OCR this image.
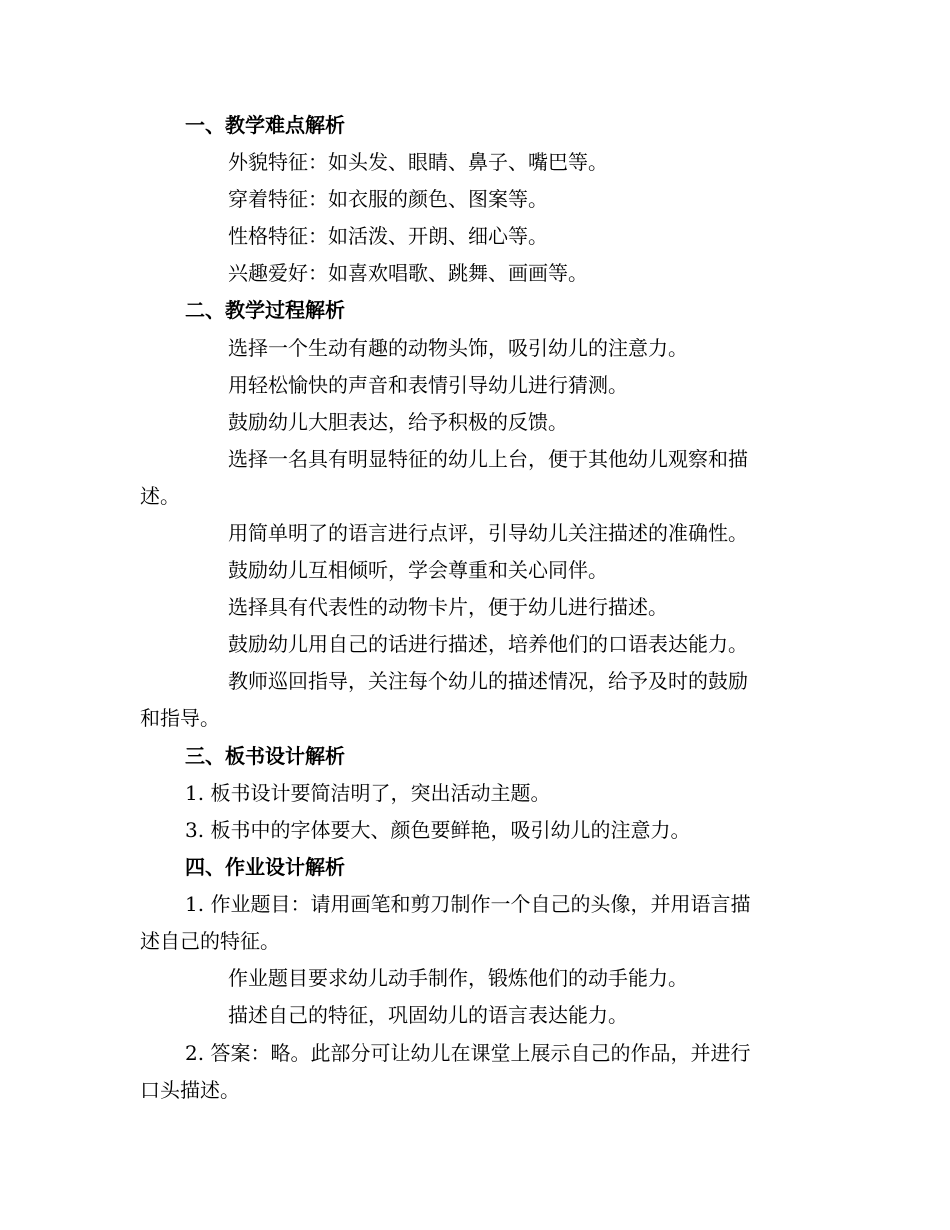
一、教学难点解析
外貌特征：如头发、眼睛、鼻子、嘴巴等。
穿着特征：如衣服的颜色、图案等。
性格特征：如活泼、开朗、细心等。
兴趣爱好：如喜欢唱歌、跳舞、画画等。
二、教学过程解析
选择一个生动有趣的动物头饰，吸引幼儿的注意力。
用轻松愉快的声音和表情引导幼儿进行猜测。
鼓励幼儿大胆表达，给予积极的反馈。
选择一名具有明显特征的幼儿上台，便于其他幼儿观察和描
述。
用简单明了的语言进行点评，引导幼儿关注描述的准确性。
鼓励幼儿互相倾听，学会尊重和关心同伴。
选择具有代表性的动物卡片，便于幼儿进行描述。
鼓励幼儿用自己的话进行描述，培养他们的口语表达能力。
教师巡回指导，关注每个幼儿的描述情况，给予及时的鼓励
和指导。
三、板书设计解析
1. 板书设计要简洁明了，突出活动主题。
3. 板书中的字体要大、颜色要鲜艳，吸引幼儿的注意力。
四、作业设计解析
1. 作业题目：请用画笔和剪刀制作一个自己的头像，并用语言描
述自己的特征。
作业题目要求幼儿动手制作，锻炼他们的动手能力。
描述自己的特征，巩固幼儿的语言表达能力。
2. 答案：略。此部分可让幼儿在课堂上展示自己的作品，并进行
口头描述。
